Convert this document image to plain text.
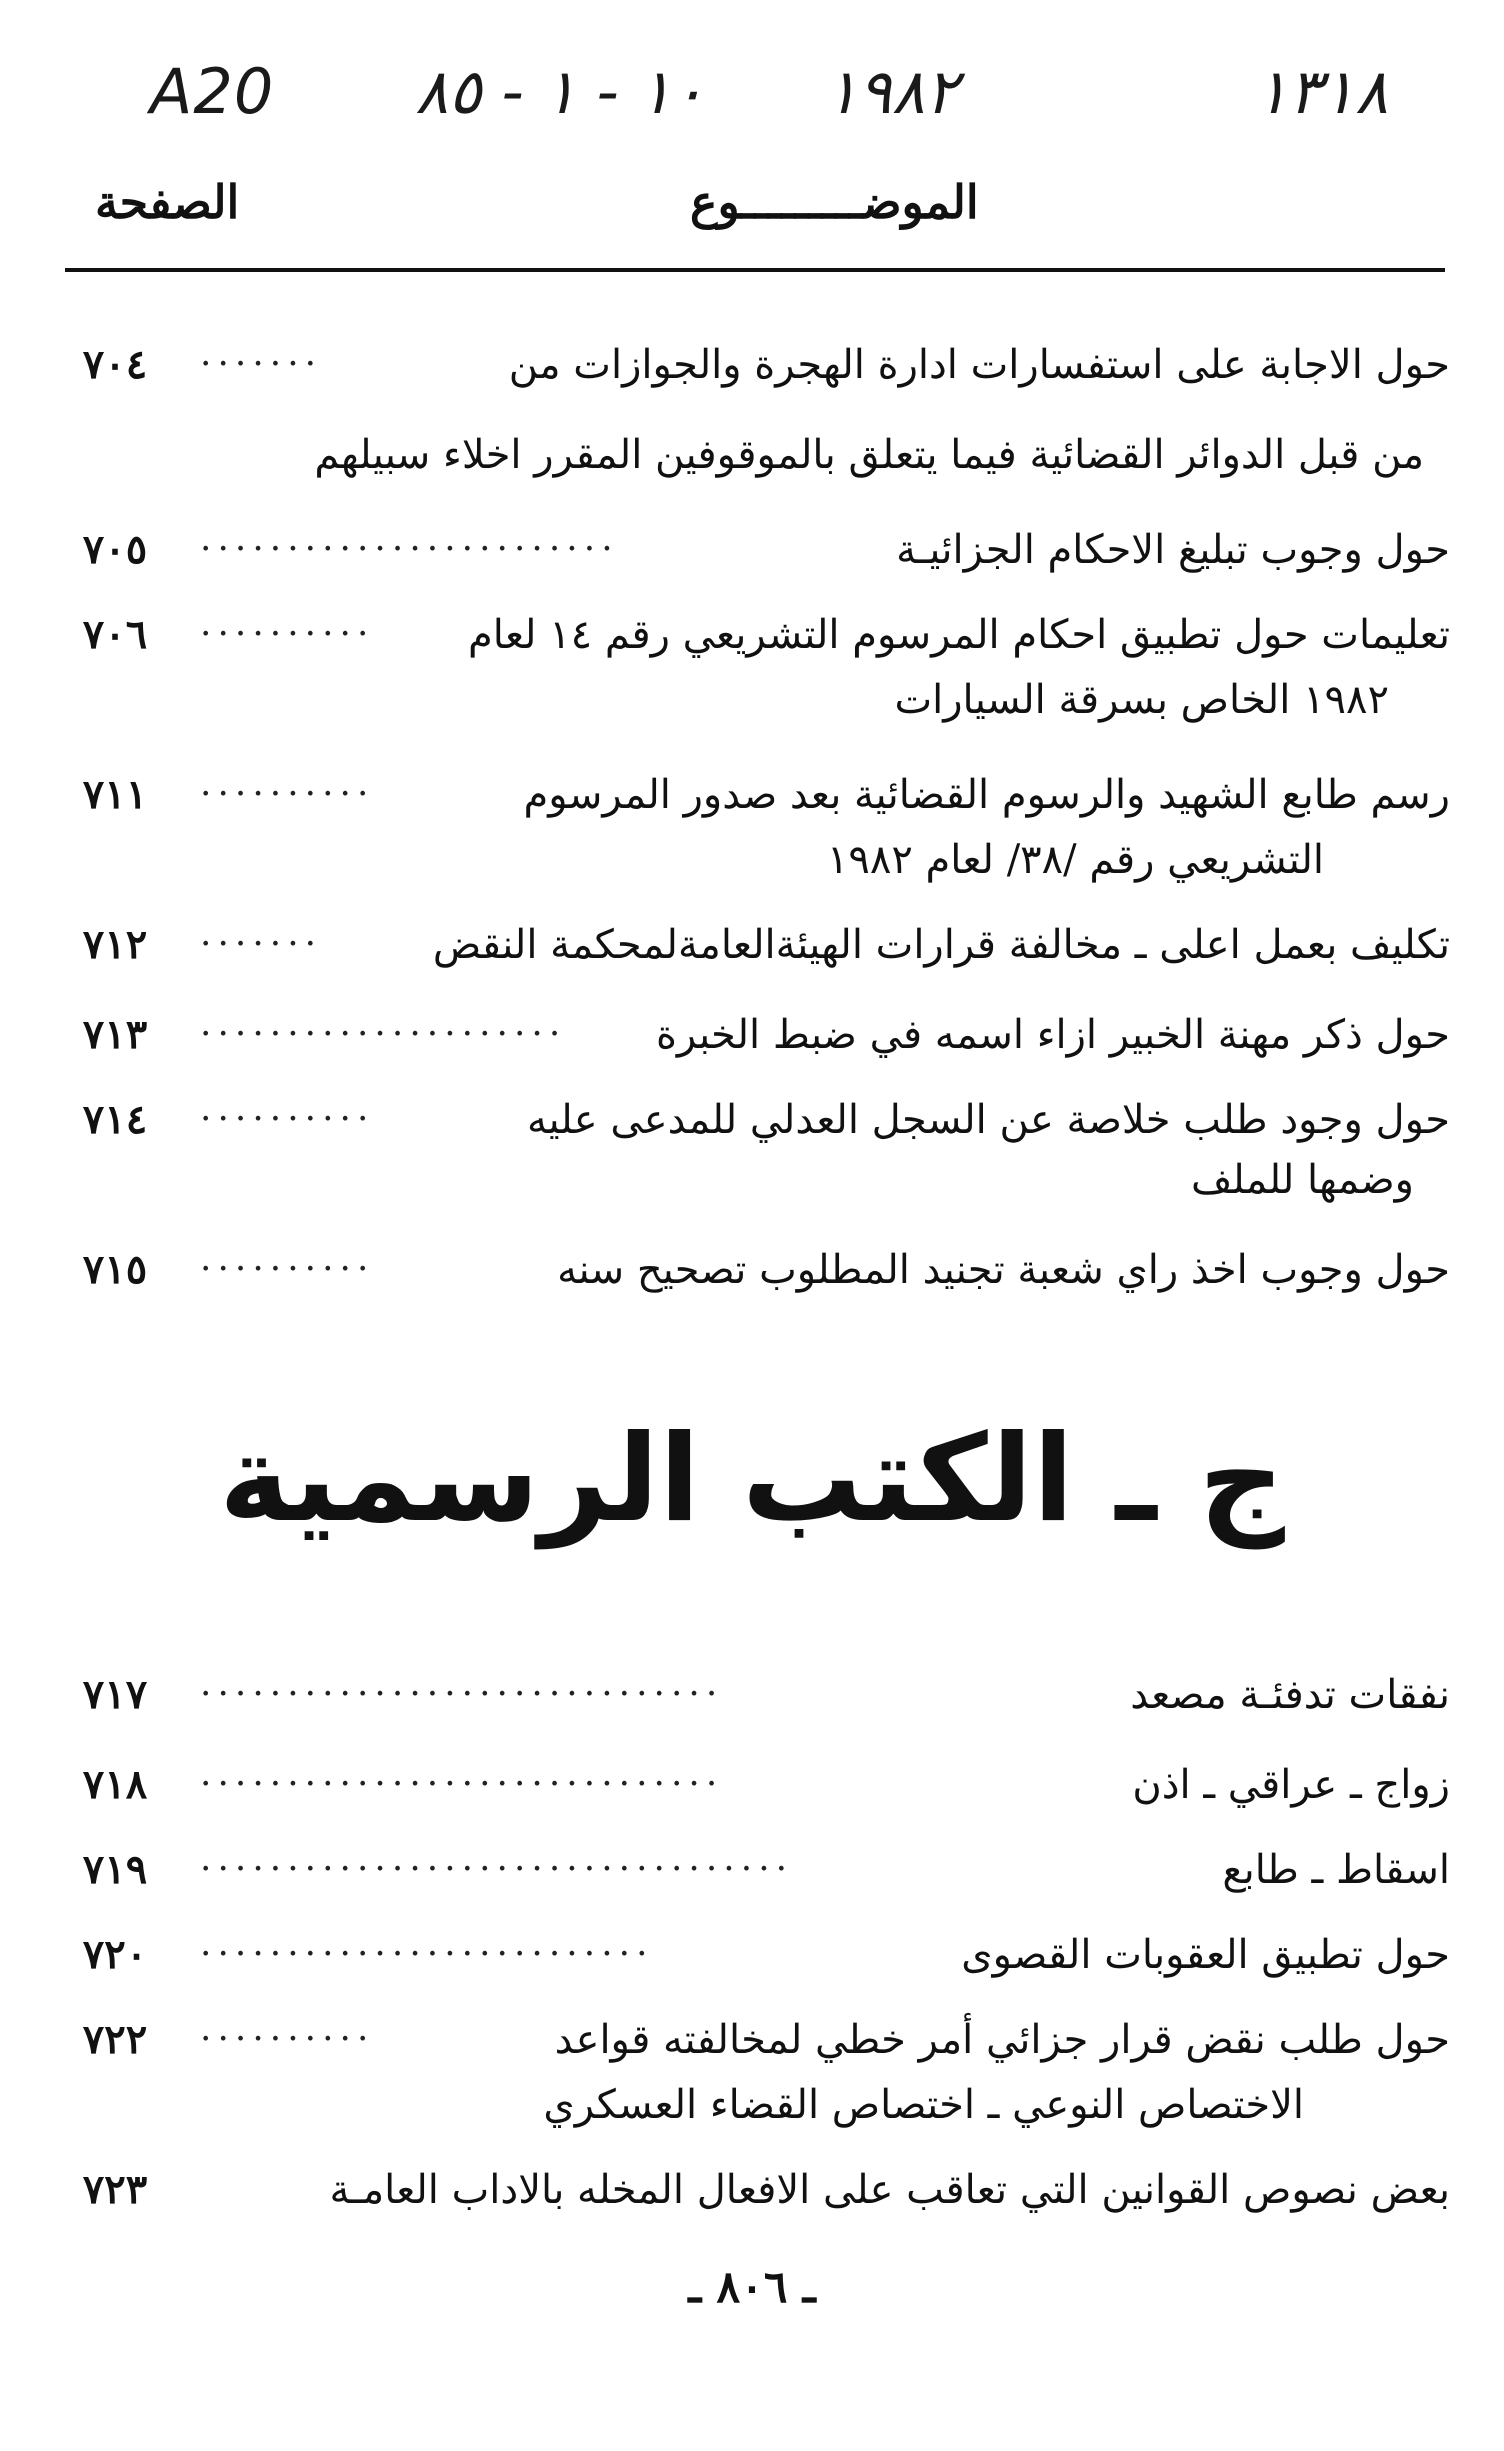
A20 ١٠ - ١ - ٨٥ ١٩٨٢	١٣١٨
الموضـــــــــوع
الصفحة
حول الاجابة على استفسارات ادارة الهجرة والجوازات من
·······
٧٠٤
من قبل الدوائر القضائية فيما يتعلق بالموقوفين المقرر اخلاء سبيلهم
حول وجوب تبليغ الاحكام الجزائيـة
························
٧٠٥
تعليمات حول تطبيق احكام المرسوم التشريعي رقم ١٤ لعام
··········
٧٠٦
١٩٨٢ الخاص بسرقة السيارات
رسم طابع الشهيد والرسوم القضائية بعد صدور المرسوم
··········
٧١١
التشريعي رقم /٣٨/ لعام ١٩٨٢
تكليف بعمل اعلى ـ مخالفة قرارات الهيئةالعامةلمحكمة النقض
·······
٧١٢
حول ذكر مهنة الخبير ازاء اسمه في ضبط الخبرة
·····················
٧١٣
حول وجود طلب خلاصة عن السجل العدلي للمدعى عليه
··········
٧١٤
وضمها للملف
حول وجوب اخذ راي شعبة تجنيد المطلوب تصحيح سنه
··········
٧١٥
ج ـ الكتب الرسمية
نفقات تدفئـة مصعد
······························
٧١٧
زواج ـ عراقي ـ اذن
······························
٧١٨
اسقاط ـ طابع
··································
٧١٩
حول تطبيق العقوبات القصوى
··························
٧٢٠
حول طلب نقض قرار جزائي أمر خطي لمخالفته قواعد
··········
٧٢٢
الاختصاص النوعي ـ اختصاص القضاء العسكري
بعض نصوص القوانين التي تعاقب على الافعال المخله بالاداب العامـة
٧٢٣
ـ ٨٠٦ ـ
